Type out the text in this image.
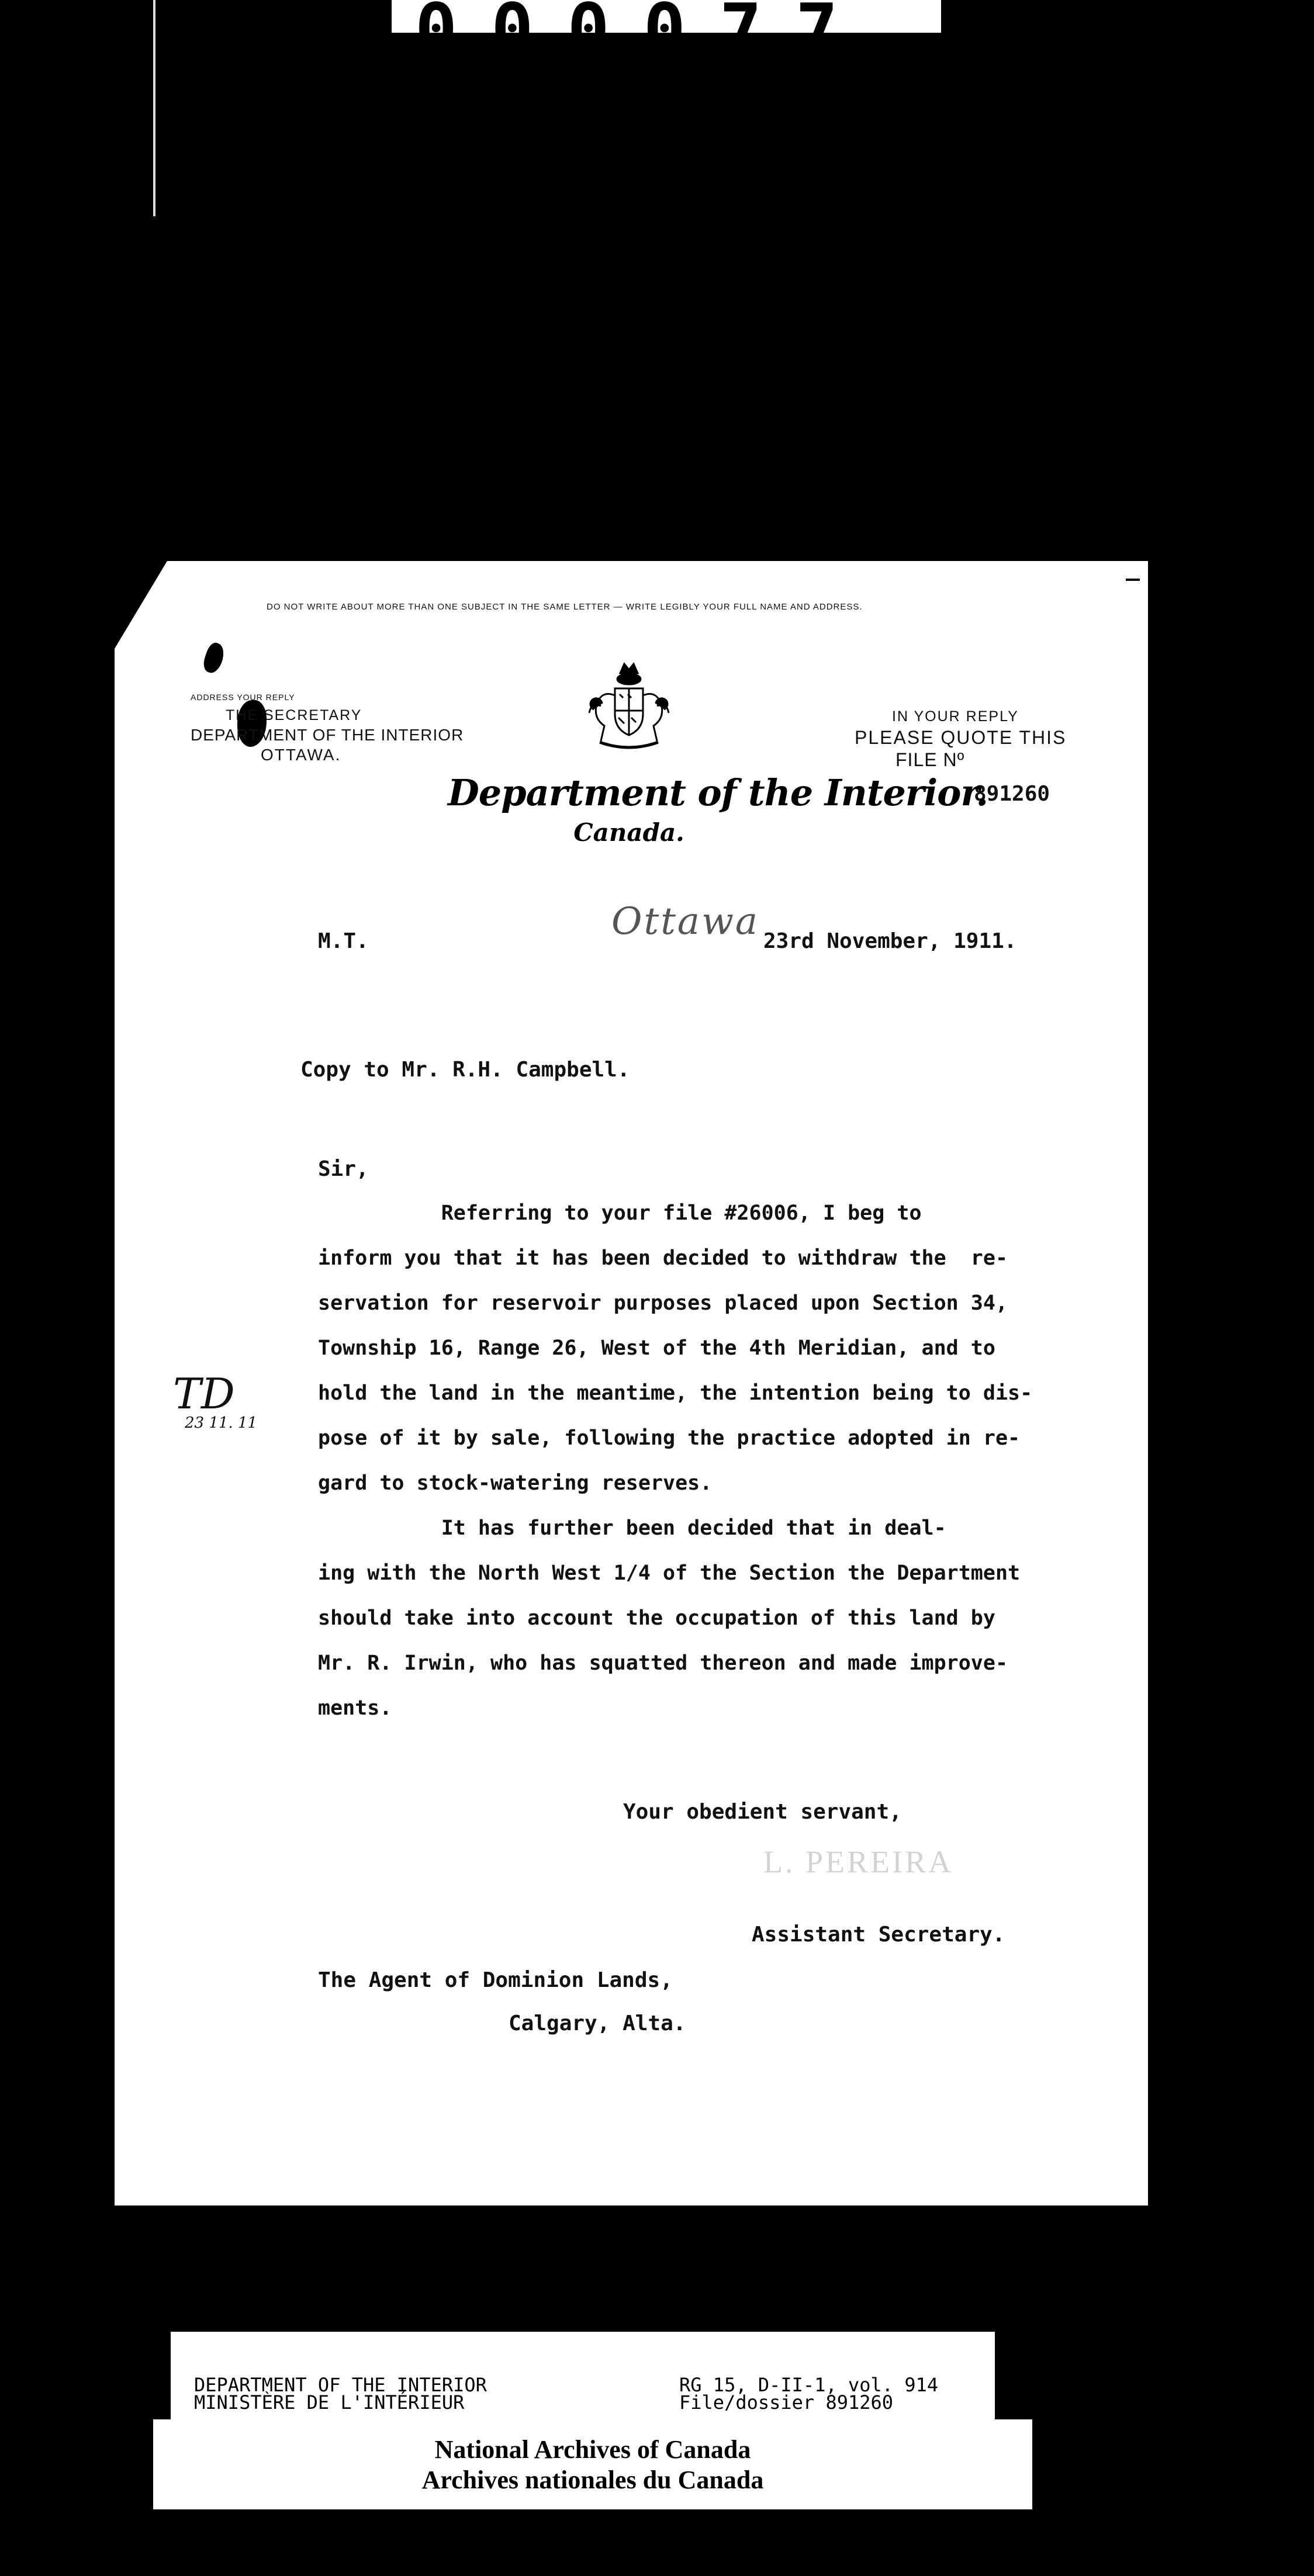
000077
DO NOT WRITE ABOUT MORE THAN ONE SUBJECT IN THE SAME LETTER — WRITE LEGIBLY YOUR FULL NAME AND ADDRESS.
ADDRESS YOUR REPLY
THE SECRETARY
DEPARTMENT OF THE INTERIOR
OTTAWA.
IN YOUR REPLY
PLEASE QUOTE THIS
FILE Nº
891260
Department of the Interior.
Canada.
Ottawa
M.T.	23rd November, 1911.
Copy to Mr. R.H. Campbell.
Sir,

Referring to your file #26006, I beg to

inform you that it has been decided to withdraw the  re-

servation for reservoir purposes placed upon Section 34,

Township 16, Range 26, West of the 4th Meridian, and to

hold the land in the meantime, the intention being to dis-

pose of it by sale, following the practice adopted in re-

gard to stock-watering reserves.

It has further been decided that in deal-

ing with the North West 1/4 of the Section the Department

should take into account the occupation of this land by

Mr. R. Irwin, who has squatted thereon and made improve-

ments.

TD
23 11. 11
Your obedient servant,
L. PEREIRA
Assistant Secretary.
The Agent of Dominion Lands,
Calgary, Alta.
DEPARTMENT OF THE INTERIOR
MINISTÈRE DE L'INTÉRIEUR
RG 15, D-II-1, vol. 914
File/dossier 891260
National Archives of Canada
Archives nationales du Canada
